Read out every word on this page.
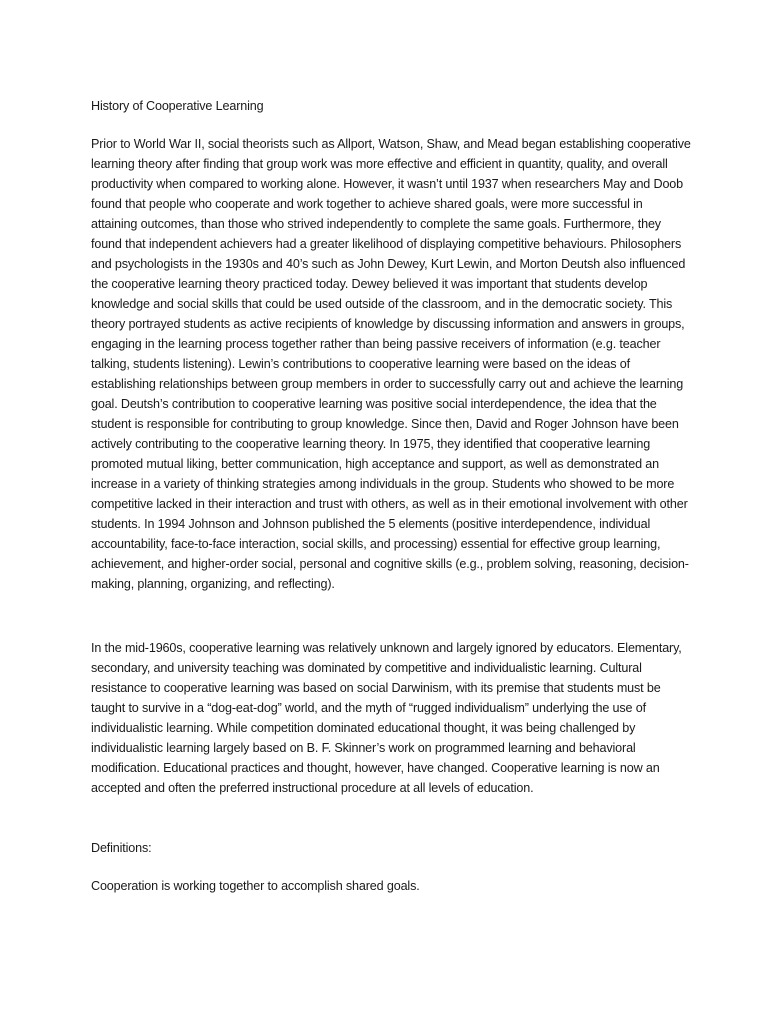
History of Cooperative Learning

Prior to World War II, social theorists such as Allport, Watson, Shaw, and Mead began establishing cooperative learning theory after finding that group work was more effective and efficient in quantity, quality, and overall productivity when compared to working alone. However, it wasn’t until 1937 when researchers May and Doob found that people who cooperate and work together to achieve shared goals, were more successful in attaining outcomes, than those who strived independently to complete the same goals. Furthermore, they found that independent achievers had a greater likelihood of displaying competitive behaviours. Philosophers and psychologists in the 1930s and 40’s such as John Dewey, Kurt Lewin, and Morton Deutsh also influenced the cooperative learning theory practiced today. Dewey believed it was important that students develop knowledge and social skills that could be used outside of the classroom, and in the democratic society. This theory portrayed students as active recipients of knowledge by discussing information and answers in groups, engaging in the learning process together rather than being passive receivers of information (e.g. teacher talking, students listening). Lewin’s contributions to cooperative learning were based on the ideas of establishing relationships between group members in order to successfully carry out and achieve the learning goal. Deutsh’s contribution to cooperative learning was positive social interdependence, the idea that the student is responsible for contributing to group knowledge. Since then, David and Roger Johnson have been actively contributing to the cooperative learning theory. In 1975, they identified that cooperative learning promoted mutual liking, better communication, high acceptance and support, as well as demonstrated an increase in a variety of thinking strategies among individuals in the group. Students who showed to be more competitive lacked in their interaction and trust with others, as well as in their emotional involvement with other students. In 1994 Johnson and Johnson published the 5 elements (positive interdependence, individual accountability, face-to-face interaction, social skills, and processing) essential for effective group learning, achievement, and higher-order social, personal and cognitive skills (e.g., problem solving, reasoning, decision-making, planning, organizing, and reflecting).

In the mid-1960s, cooperative learning was relatively unknown and largely ignored by educators. Elementary, secondary, and university teaching was dominated by competitive and individualistic learning. Cultural resistance to cooperative learning was based on social Darwinism, with its premise that students must be taught to survive in a “dog-eat-dog” world, and the myth of “rugged individualism” underlying the use of individualistic learning. While competition dominated educational thought, it was being challenged by individualistic learning largely based on B. F. Skinner’s work on programmed learning and behavioral modification. Educational practices and thought, however, have changed. Cooperative learning is now an accepted and often the preferred instructional procedure at all levels of education.

Definitions:

Cooperation is working together to accomplish shared goals.
